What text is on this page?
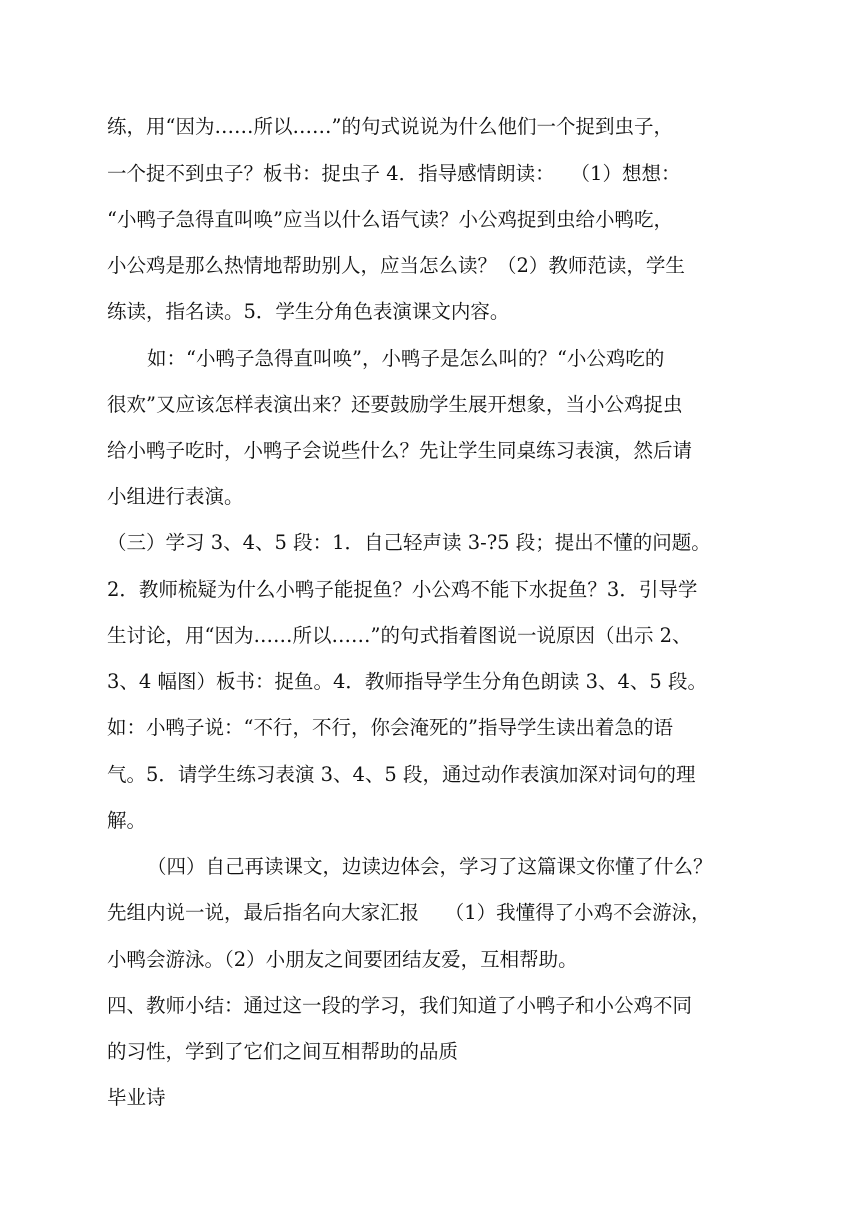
练，用“因为……所以……”的句式说说为什么他们一个捉到虫子，
一个捉不到虫子？板书：捉虫子 4．指导感情朗读：　 （1）想想：
“小鸭子急得直叫唤”应当以什么语气读？小公鸡捉到虫给小鸭吃，
小公鸡是那么热情地帮助别人，应当怎么读？（2）教师范读，学生
练读，指名读。5．学生分角色表演课文内容。
如：“小鸭子急得直叫唤”，小鸭子是怎么叫的？“小公鸡吃的
很欢”又应该怎样表演出来？还要鼓励学生展开想象，当小公鸡捉虫
给小鸭子吃时，小鸭子会说些什么？先让学生同桌练习表演，然后请
小组进行表演。
（三）学习 3、4、5 段：1．自己轻声读 3-?5 段；提出不懂的问题。
2．教师梳疑为什么小鸭子能捉鱼？小公鸡不能下水捉鱼？3．引导学
生讨论，用“因为……所以……”的句式指着图说一说原因（出示 2、
3、4 幅图）板书：捉鱼。4．教师指导学生分角色朗读 3、4、5 段。
如：小鸭子说：“不行，不行，你会淹死的”指导学生读出着急的语
气。5．请学生练习表演 3、4、5 段，通过动作表演加深对词句的理
解。
（四）自己再读课文，边读边体会，学习了这篇课文你懂了什么？
先组内说一说，最后指名向大家汇报　 （1）我懂得了小鸡不会游泳，
小鸭会游泳。（2）小朋友之间要团结友爱，互相帮助。
四、教师小结：通过这一段的学习，我们知道了小鸭子和小公鸡不同
的习性，学到了它们之间互相帮助的品质
毕业诗
